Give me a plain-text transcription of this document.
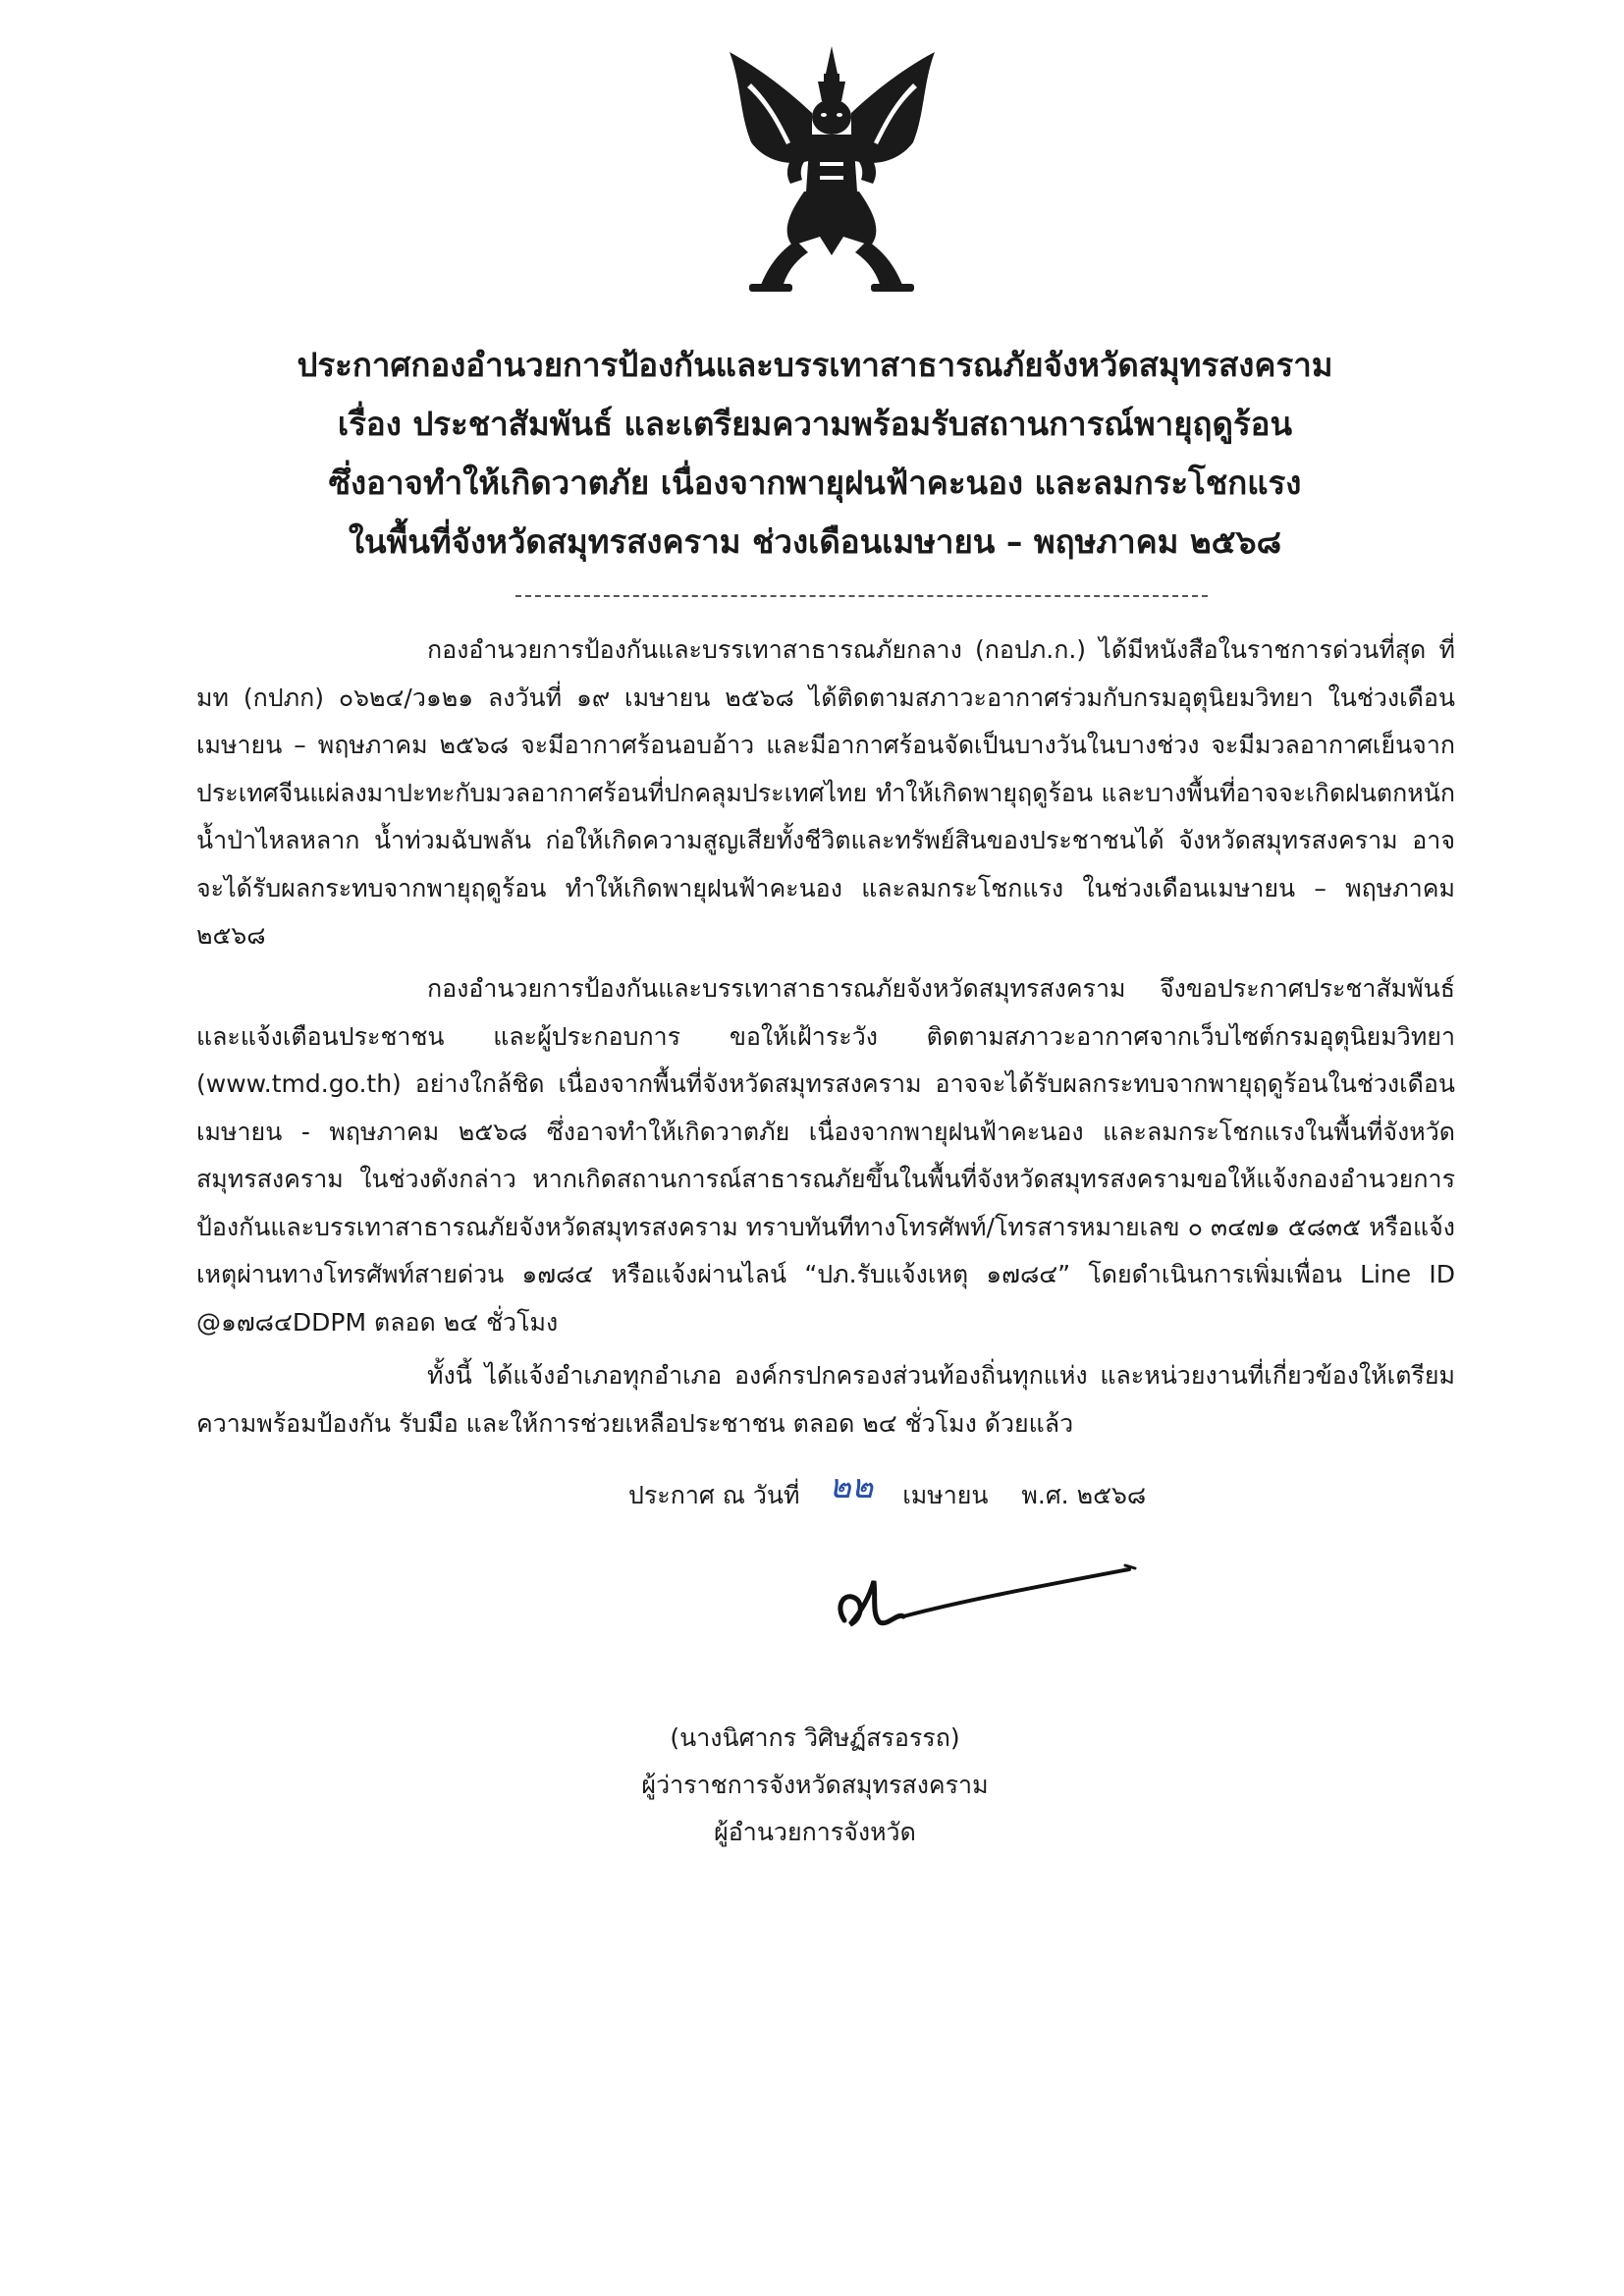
ประกาศกองอำนวยการป้องกันและบรรเทาสาธารณภัยจังหวัดสมุทรสงคราม
เรื่อง ประชาสัมพันธ์ และเตรียมความพร้อมรับสถานการณ์พายุฤดูร้อน
ซึ่งอาจทำให้เกิดวาตภัย เนื่องจากพายุฝนฟ้าคะนอง และลมกระโชกแรง
ในพื้นที่จังหวัดสมุทรสงคราม ช่วงเดือนเมษายน – พฤษภาคม ๒๕๖๘

กองอำนวยการป้องกันและบรรเทาสาธารณภัยกลาง (กอปภ.ก.) ได้มีหนังสือในราชการด่วนที่สุด ที่ มท (กปภก) ๐๖๒๔/ว๑๒๑ ลงวันที่ ๑๙ เมษายน ๒๕๖๘ ได้ติดตามสภาวะอากาศร่วมกับกรมอุตุนิยมวิทยา ในช่วงเดือนเมษายน – พฤษภาคม ๒๕๖๘ จะมีอากาศร้อนอบอ้าว และมีอากาศร้อนจัดเป็นบางวันในบางช่วง จะมีมวลอากาศเย็นจากประเทศจีนแผ่ลงมาปะทะกับมวลอากาศร้อนที่ปกคลุมประเทศไทย ทำให้เกิดพายุฤดูร้อน และบางพื้นที่อาจจะเกิดฝนตกหนัก น้ำป่าไหลหลาก น้ำท่วมฉับพลัน ก่อให้เกิดความสูญเสียทั้งชีวิตและทรัพย์สินของประชาชนได้ จังหวัดสมุทรสงคราม อาจจะได้รับผลกระทบจากพายุฤดูร้อน ทำให้เกิดพายุฝนฟ้าคะนอง และลมกระโชกแรง ในช่วงเดือนเมษายน – พฤษภาคม ๒๕๖๘

กองอำนวยการป้องกันและบรรเทาสาธารณภัยจังหวัดสมุทรสงคราม จึงขอประกาศประชาสัมพันธ์และแจ้งเตือนประชาชน และผู้ประกอบการ ขอให้เฝ้าระวัง ติดตามสภาวะอากาศจากเว็บไซต์กรมอุตุนิยมวิทยา (www.tmd.go.th) อย่างใกล้ชิด เนื่องจากพื้นที่จังหวัดสมุทรสงคราม อาจจะได้รับผลกระทบจากพายุฤดูร้อนในช่วงเดือนเมษายน - พฤษภาคม ๒๕๖๘ ซึ่งอาจทำให้เกิดวาตภัย เนื่องจากพายุฝนฟ้าคะนอง และลมกระโชกแรงในพื้นที่จังหวัดสมุทรสงคราม ในช่วงดังกล่าว หากเกิดสถานการณ์สาธารณภัยขึ้นในพื้นที่จังหวัดสมุทรสงครามขอให้แจ้งกองอำนวยการป้องกันและบรรเทาสาธารณภัยจังหวัดสมุทรสงคราม ทราบทันทีทางโทรศัพท์/โทรสารหมายเลข ๐ ๓๔๗๑ ๕๘๓๕ หรือแจ้งเหตุผ่านทางโทรศัพท์สายด่วน ๑๗๘๔ หรือแจ้งผ่านไลน์ “ปภ.รับแจ้งเหตุ ๑๗๘๔” โดยดำเนินการเพิ่มเพื่อน Line ID @๑๗๘๔DDPM ตลอด ๒๔ ชั่วโมง

ทั้งนี้ ได้แจ้งอำเภอทุกอำเภอ องค์กรปกครองส่วนท้องถิ่นทุกแห่ง และหน่วยงานที่เกี่ยวข้องให้เตรียมความพร้อมป้องกัน รับมือ และให้การช่วยเหลือประชาชน ตลอด ๒๔ ชั่วโมง ด้วยแล้ว

ประกาศ ณ วันที่ ๒๒ เมษายน พ.ศ. ๒๕๖๘
(นางนิศากร วิศิษฏ์สรอรรถ)
ผู้ว่าราชการจังหวัดสมุทรสงคราม
ผู้อำนวยการจังหวัด
